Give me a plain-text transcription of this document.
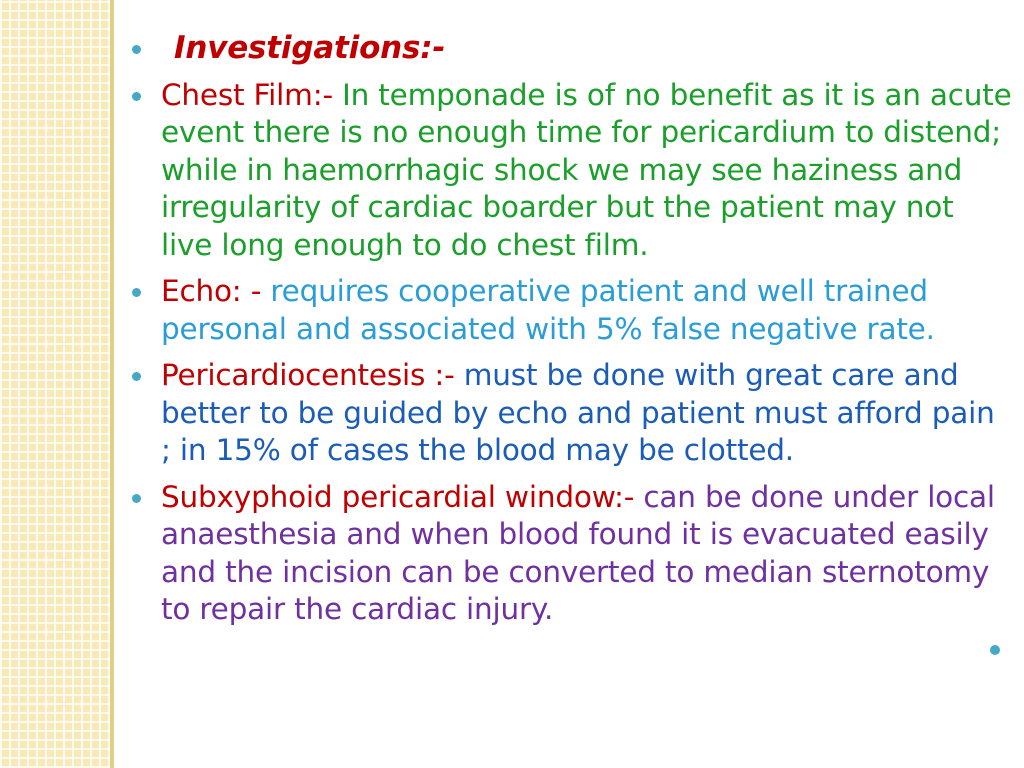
Investigations:-
Chest Film:- In temponade is of no benefit as it is an acute event there is no enough time for pericardium to distend; while in haemorrhagic shock we may see haziness and irregularity of cardiac boarder but the patient may not live long enough to do chest film.
Echo: - requires cooperative patient and well trained personal and associated with 5% false negative rate.
Pericardiocentesis :- must be done with great care and better to be guided by echo and patient must afford pain ; in 15% of cases the blood may be clotted.
Subxyphoid pericardial window:- can be done under local anaesthesia and when blood found it is evacuated easily and the incision can be converted to median sternotomy to repair the cardiac injury.
